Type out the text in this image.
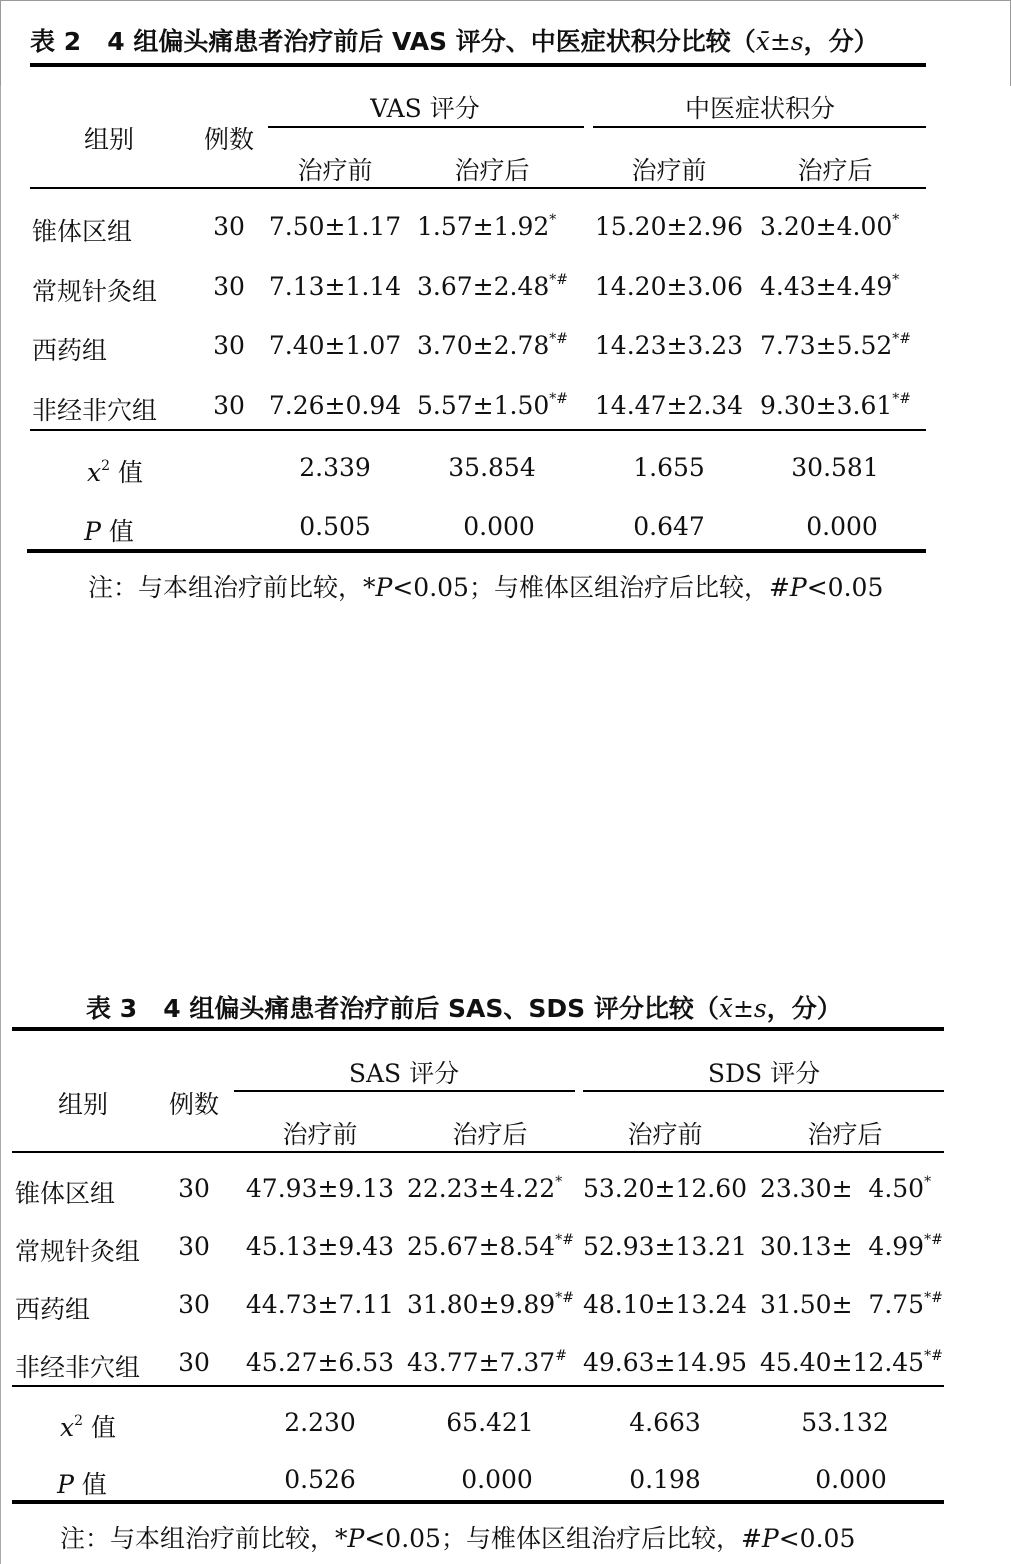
表 2 4 组偏头痛患者治疗前后 VAS 评分、中医症状积分比较（x̄±s，分）
组别	例数
VAS 评分	中医症状积分
治疗前	治疗后	治疗前	治疗后
锥体区组	30 7.50±1.17 1.57±1.92* 15.20±2.96 3.20±4.00*
常规针灸组 30 7.13±1.14 3.67±2.48*# 14.20±3.06 4.43±4.49*
西药组	30 7.40±1.07 3.70±2.78*# 14.23±3.23 7.73±5.52*#
非经非穴组 30 7.26±0.94 5.57±1.50*# 14.47±2.34 9.30±3.61*#
$x^2$ 值	2.339	35.854	1.655	30.581
P 值	0.505	0.000	0.647	0.000
注：与本组治疗前比较，*P<0.05；与椎体区组治疗后比较，#P<0.05
表 3 4 组偏头痛患者治疗前后 SAS、SDS 评分比较（x̄±s，分）
组别 例数
SAS 评分	SDS 评分
治疗前	治疗后	治疗前	治疗后
锥体区组	30 47.93±9.13 22.23±4.22* 53.20±12.60 23.30±  4.50*
常规针灸组 30 45.13±9.43 25.67±8.54*# 52.93±13.21 30.13±  4.99*#
西药组	30 44.73±7.11 31.80±9.89*# 48.10±13.24 31.50±  7.75*#
非经非穴组 30 45.27±6.53 43.77±7.37# 49.63±14.95 45.40±12.45*#
$x^2$ 值	2.230	65.421	4.663	53.132
P 值	0.526	0.000	0.198	0.000
注：与本组治疗前比较，*P<0.05；与椎体区组治疗后比较，#P<0.05
